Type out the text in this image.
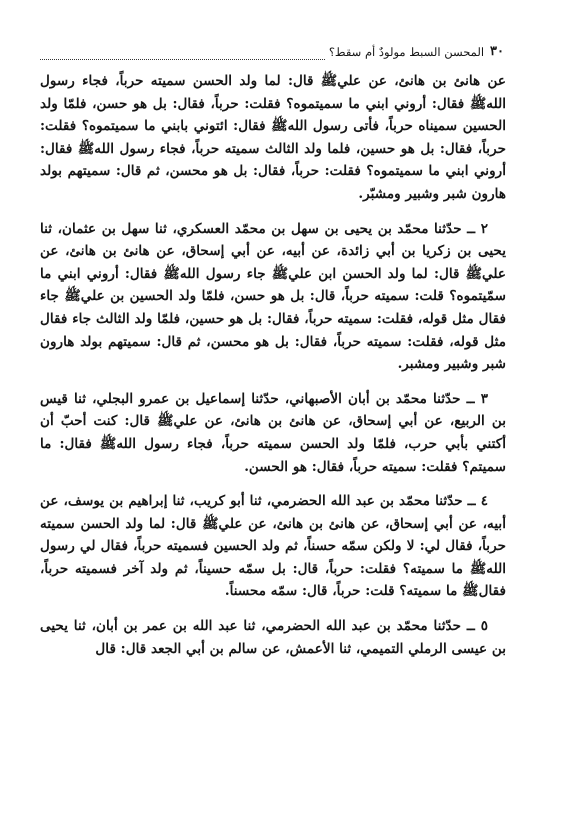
٣٠
المحسن السبط مولودٌ أم سقط؟

عن هانئ بن هانئ، عن عليﷺ قال: لما ولد الحسن سميته حرباً، فجاء رسول اللهﷺ فقال: أروني ابني ما سميتموه؟ فقلت: حرباً، فقال: بل هو حسن، فلمّا ولد الحسين سميناه حرباً، فأتى رسول اللهﷺ فقال: ائتوني بابني ما سميتموه؟ فقلت: حرباً، فقال: بل هو حسين، فلما ولد الثالث سميته حرباً، فجاء رسول اللهﷺ فقال: أروني ابني ما سميتموه؟ فقلت: حرباً، فقال: بل هو محسن، ثم قال: سميتهم بولد هارون شبر وشبير ومشبّر.

٢ ــ حدّثنا محمّد بن يحيى بن سهل بن محمّد العسكري، ثنا سهل بن عثمان، ثنا يحيى بن زكريا بن أبي زائدة، عن أبيه، عن أبي إسحاق، عن هانئ بن هانئ، عن عليﷺ قال: لما ولد الحسن ابن عليﷺ جاء رسول اللهﷺ فقال: أروني ابني ما سمّيتموه؟ قلت: سميته حرباً، قال: بل هو حسن، فلمّا ولد الحسين بن عليﷺ جاء فقال مثل قوله، فقلت: سميته حرباً، فقال: بل هو حسين، فلمّا ولد الثالث جاء فقال مثل قوله، فقلت: سميته حرباً، فقال: بل هو محسن، ثم قال: سميتهم بولد هارون شبر وشبير ومشبر.

٣ ــ حدّثنا محمّد بن أبان الأصبهاني، حدّثنا إسماعيل بن عمرو البجلي، ثنا قيس بن الربيع، عن أبي إسحاق، عن هانئ بن هانئ، عن عليﷺ قال: كنت أحبّ أن أكتني بأبي حرب، فلمّا ولد الحسن سميته حرباً، فجاء رسول اللهﷺ فقال: ما سميتم؟ فقلت: سميته حرباً، فقال: هو الحسن.

٤ ــ حدّثنا محمّد بن عبد الله الحضرمي، ثنا أبو كريب، ثنا إبراهيم بن يوسف، عن أبيه، عن أبي إسحاق، عن هانئ بن هانئ، عن عليﷺ قال: لما ولد الحسن سميته حرباً، فقال لي: لا ولكن سمّه حسناً، ثم ولد الحسين فسميته حرباً، فقال لي رسول اللهﷺ ما سميته؟ فقلت: حرباً، قال: بل سمّه حسيناً، ثم ولد آخر فسميته حرباً، فقالﷺ ما سميته؟ قلت: حرباً، قال: سمّه محسناً.

٥ ــ حدّثنا محمّد بن عبد الله الحضرمي، ثنا عبد الله بن عمر بن أبان، ثنا يحيى بن عيسى الرملي التميمي، ثنا الأعمش، عن سالم بن أبي الجعد قال: قال
